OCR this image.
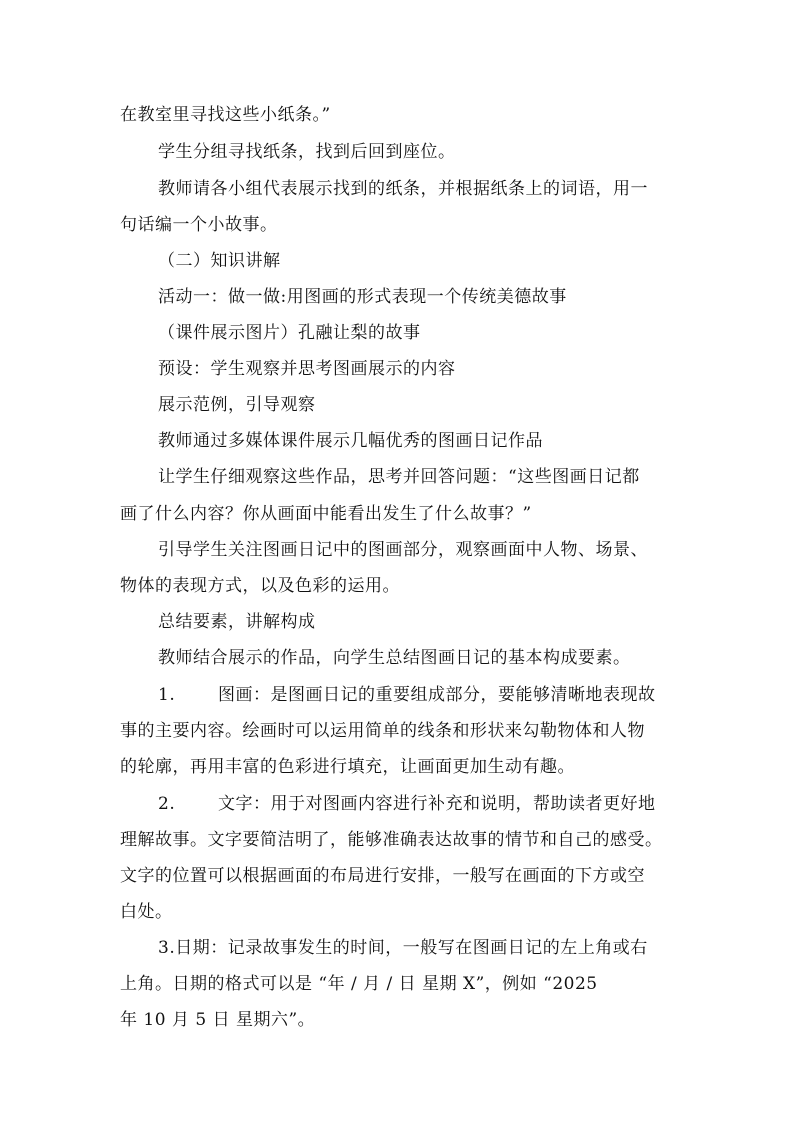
在教室里寻找这些小纸条。”
学生分组寻找纸条，找到后回到座位。
教师请各小组代表展示找到的纸条，并根据纸条上的词语，用一
句话编一个小故事。
（二）知识讲解
活动一：做一做:用图画的形式表现一个传统美德故事
（课件展示图片）孔融让梨的故事
预设：学生观察并思考图画展示的内容
展示范例，引导观察
教师通过多媒体课件展示几幅优秀的图画日记作品
让学生仔细观察这些作品，思考并回答问题：“这些图画日记都
画了什么内容？你从画面中能看出发生了什么故事？”
引导学生关注图画日记中的图画部分，观察画面中人物、场景、
物体的表现方式，以及色彩的运用。
总结要素，讲解构成
教师结合展示的作品，向学生总结图画日记的基本构成要素。
1.	图画：是图画日记的重要组成部分，要能够清晰地表现故
事的主要内容。绘画时可以运用简单的线条和形状来勾勒物体和人物
的轮廓，再用丰富的色彩进行填充，让画面更加生动有趣。
2.	文字：用于对图画内容进行补充和说明，帮助读者更好地
理解故事。文字要简洁明了，能够准确表达故事的情节和自己的感受。
文字的位置可以根据画面的布局进行安排，一般写在画面的下方或空
白处。
3.日期：记录故事发生的时间，一般写在图画日记的左上角或右
上角。日期的格式可以是 “年 / 月 / 日 星期 X”，例如 “2025
年 10 月 5 日 星期六”。
